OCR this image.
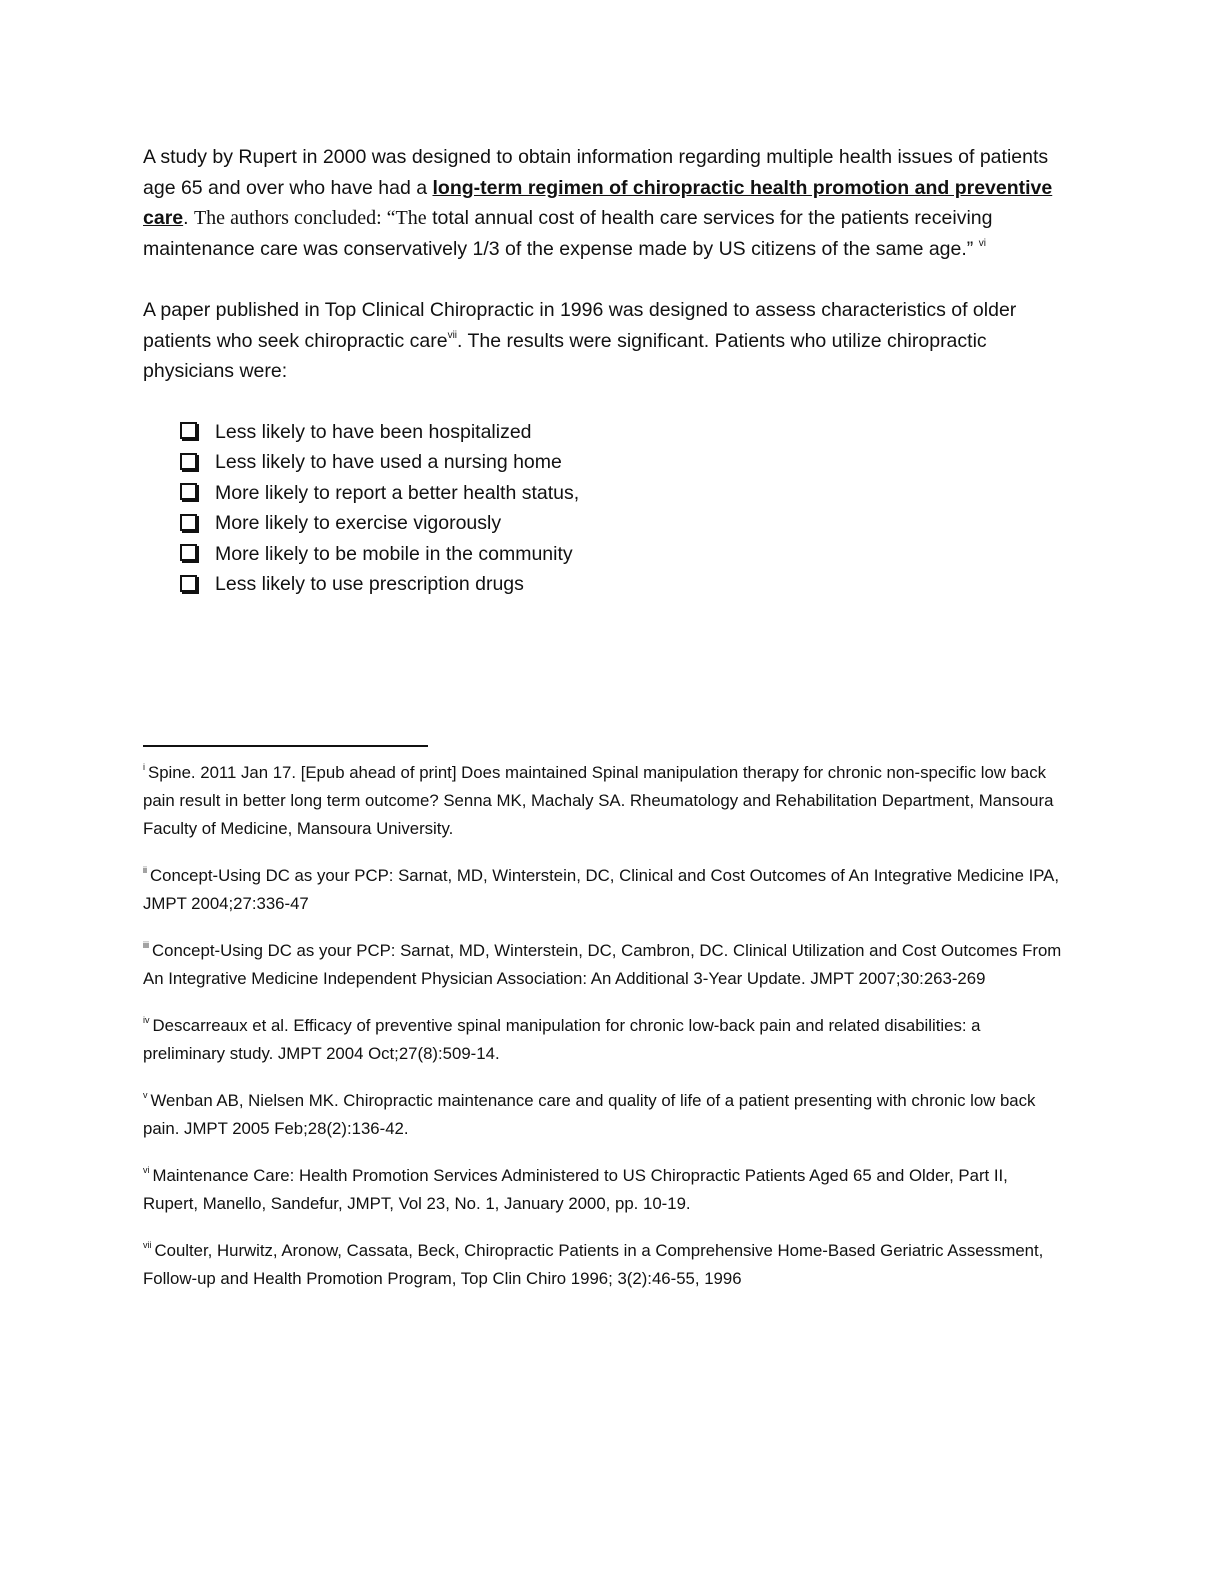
A study by Rupert in 2000 was designed to obtain information regarding multiple health issues of patients age 65 and over who have had a long-term regimen of chiropractic health promotion and preventive care. The authors concluded: “The total annual cost of health care services for the patients receiving maintenance care was conservatively 1/3 of the expense made by US citizens of the same age.” $^{vi}$

A paper published in Top Clinical Chiropractic in 1996 was designed to assess characteristics of older patients who seek chiropractic care$^{vii}$. The results were significant. Patients who utilize chiropractic physicians were:

Less likely to have been hospitalized
Less likely to have used a nursing home
More likely to report a better health status,
More likely to exercise vigorously
More likely to be mobile in the community
Less likely to use prescription drugs

$^i$ Spine. 2011 Jan 17. [Epub ahead of print] Does maintained Spinal manipulation therapy for chronic non-specific low back pain result in better long term outcome? Senna MK, Machaly SA. Rheumatology and Rehabilitation Department, Mansoura Faculty of Medicine, Mansoura University.

$^{ii}$ Concept-Using DC as your PCP: Sarnat, MD, Winterstein, DC, Clinical and Cost Outcomes of An Integrative Medicine IPA, JMPT 2004;27:336-47

$^{iii}$ Concept-Using DC as your PCP: Sarnat, MD, Winterstein, DC, Cambron, DC. Clinical Utilization and Cost Outcomes From An Integrative Medicine Independent Physician Association: An Additional 3-Year Update. JMPT 2007;30:263-269

$^{iv}$ Descarreaux et al. Efficacy of preventive spinal manipulation for chronic low-back pain and related disabilities: a preliminary study. JMPT 2004 Oct;27(8):509-14.

$^v$ Wenban AB, Nielsen MK. Chiropractic maintenance care and quality of life of a patient presenting with chronic low back pain. JMPT 2005 Feb;28(2):136-42.

$^{vi}$ Maintenance Care: Health Promotion Services Administered to US Chiropractic Patients Aged 65 and Older, Part II, Rupert, Manello, Sandefur, JMPT, Vol 23, No. 1, January 2000, pp. 10-19.

$^{vii}$ Coulter, Hurwitz, Aronow, Cassata, Beck, Chiropractic Patients in a Comprehensive Home-Based Geriatric Assessment, Follow-up and Health Promotion Program, Top Clin Chiro 1996; 3(2):46-55, 1996
